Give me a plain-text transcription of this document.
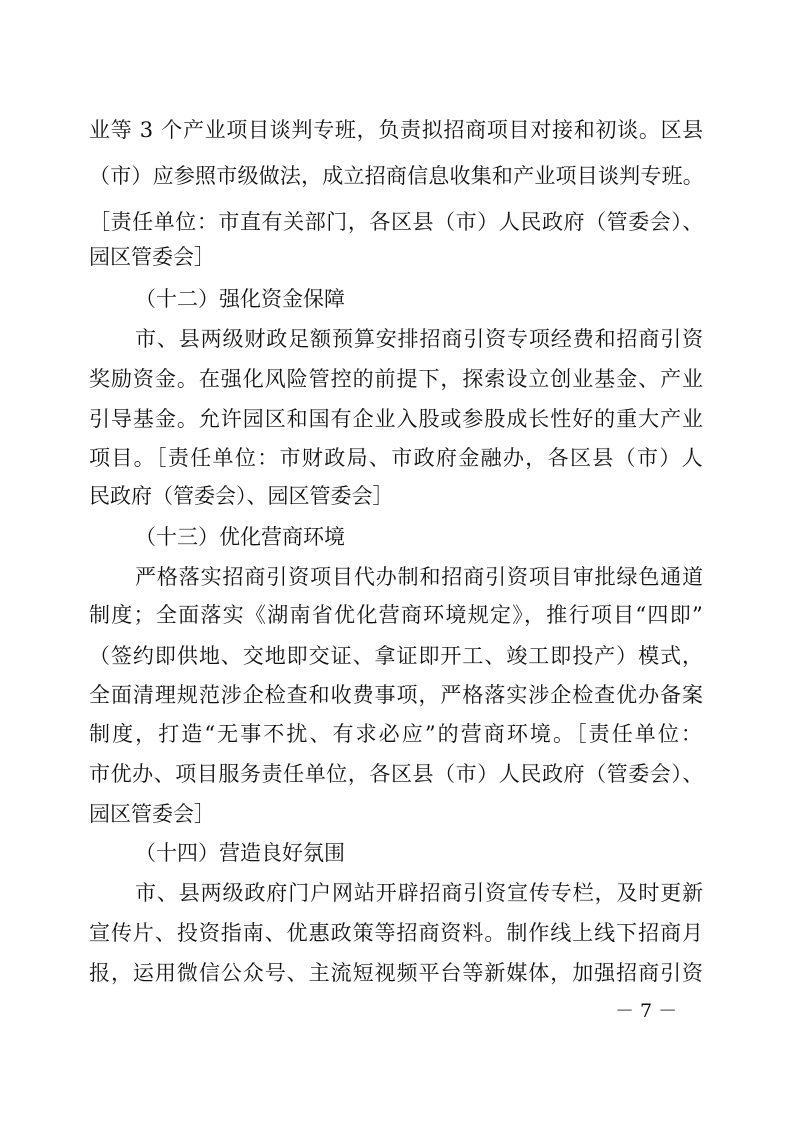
业等 3 个产业项目谈判专班，负责拟招商项目对接和初谈。区县
（市）应参照市级做法，成立招商信息收集和产业项目谈判专班。
［责任单位：市直有关部门，各区县（市）人民政府（管委会）、
园区管委会］
（十二）强化资金保障
市、县两级财政足额预算安排招商引资专项经费和招商引资
奖励资金。在强化风险管控的前提下，探索设立创业基金、产业
引导基金。允许园区和国有企业入股或参股成长性好的重大产业
项目。［责任单位：市财政局、市政府金融办，各区县（市）人
民政府（管委会）、园区管委会］
（十三）优化营商环境
严格落实招商引资项目代办制和招商引资项目审批绿色通道
制度；全面落实《湖南省优化营商环境规定》，推行项目“四即”
（签约即供地、交地即交证、拿证即开工、竣工即投产）模式，
全面清理规范涉企检查和收费事项，严格落实涉企检查优办备案
制度，打造“无事不扰、有求必应”的营商环境。［责任单位：
市优办、项目服务责任单位，各区县（市）人民政府（管委会）、
园区管委会］
（十四）营造良好氛围
市、县两级政府门户网站开辟招商引资宣传专栏，及时更新
宣传片、投资指南、优惠政策等招商资料。制作线上线下招商月
报，运用微信公众号、主流短视频平台等新媒体，加强招商引资
－ 7 －
